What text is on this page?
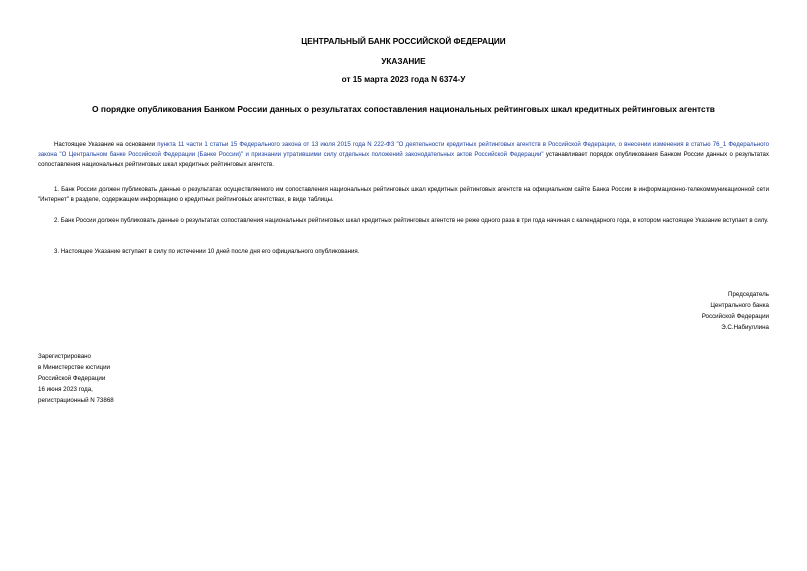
ЦЕНТРАЛЬНЫЙ БАНК РОССИЙСКОЙ ФЕДЕРАЦИИ
УКАЗАНИЕ
от 15 марта 2023 года N 6374-У
О порядке опубликования Банком России данных о результатах сопоставления национальных рейтинговых шкал кредитных рейтинговых агентств
Настоящее Указание на основании пункта 11 части 1 статьи 15 Федерального закона от 13 июля 2015 года N 222-ФЗ "О деятельности кредитных рейтинговых агентств в Российской Федерации, о внесении изменения в статью 76_1 Федерального закона "О Центральном банке Российской Федерации (Банке России)" и признании утратившими силу отдельных положений законодательных актов Российской Федерации" устанавливает порядок опубликования Банком России данных о результатах сопоставления национальных рейтинговых шкал кредитных рейтинговых агентств.
1. Банк России должен публиковать данные о результатах осуществляемого им сопоставления национальных рейтинговых шкал кредитных рейтинговых агентств на официальном сайте Банка России в информационно-телекоммуникационной сети "Интернет" в разделе, содержащем информацию о кредитных рейтинговых агентствах, в виде таблицы.
2. Банк России должен публиковать данные о результатах сопоставления национальных рейтинговых шкал кредитных рейтинговых агентств не реже одного раза в три года начиная с календарного года, в котором настоящее Указание вступает в силу.
3. Настоящее Указание вступает в силу по истечении 10 дней после дня его официального опубликования.
Председатель
Центрального банка
Российской Федерации
Э.С.Набиуллина
Зарегистрировано
в Министерстве юстиции
Российской Федерации
16 июня 2023 года,
регистрационный N 73868
